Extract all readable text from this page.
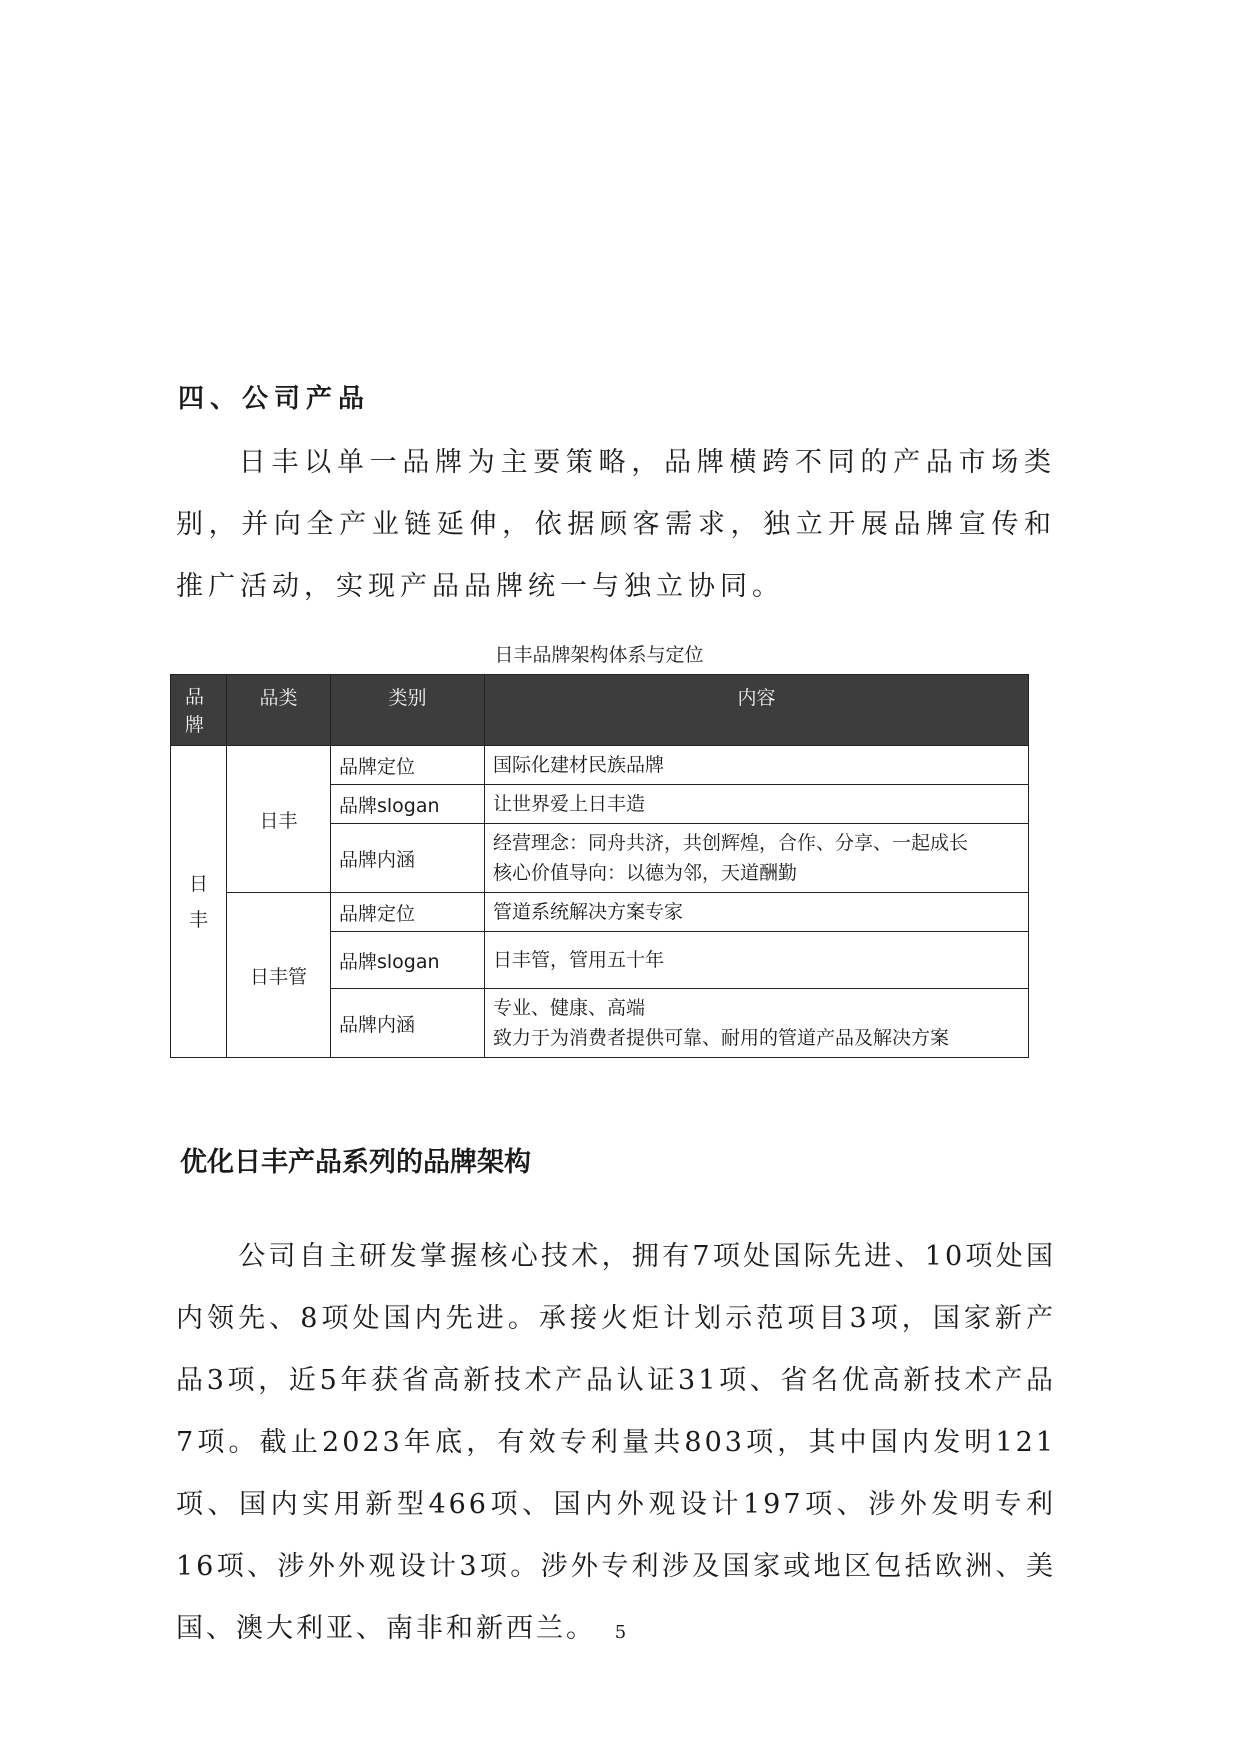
四、公司产品

日丰以单一品牌为主要策略，品牌横跨不同的产品市场类别，并向全产业链延伸，依据顾客需求，独立开展品牌宣传和推广活动，实现产品品牌统一与独立协同。

日丰品牌架构体系与定位
品
牌	品类	类别	内容
日
丰	日丰	品牌定位	国际化建材民族品牌

		品牌slogan	让世界爱上日丰造

		品牌内涵	经营理念：同舟共济，共创辉煌，合作、分享、一起成长
核心价值导向：以德为邻，天道酬勤

	日丰管	品牌定位	管道系统解决方案专家

		品牌slogan	日丰管，管用五十年

		品牌内涵	专业、健康、高端
致力于为消费者提供可靠、耐用的管道产品及解决方案
优化日丰产品系列的品牌架构

公司自主研发掌握核心技术，拥有7项处国际先进、10项处国内领先、8项处国内先进。承接火炬计划示范项目3项，国家新产品3项，近5年获省高新技术产品认证31项、省名优高新技术产品7项。截止2023年底，有效专利量共803项，其中国内发明121项、国内实用新型466项、国内外观设计197项、涉外发明专利16项、涉外外观设计3项。涉外专利涉及国家或地区包括欧洲、美国、澳大利亚、南非和新西兰。	5
